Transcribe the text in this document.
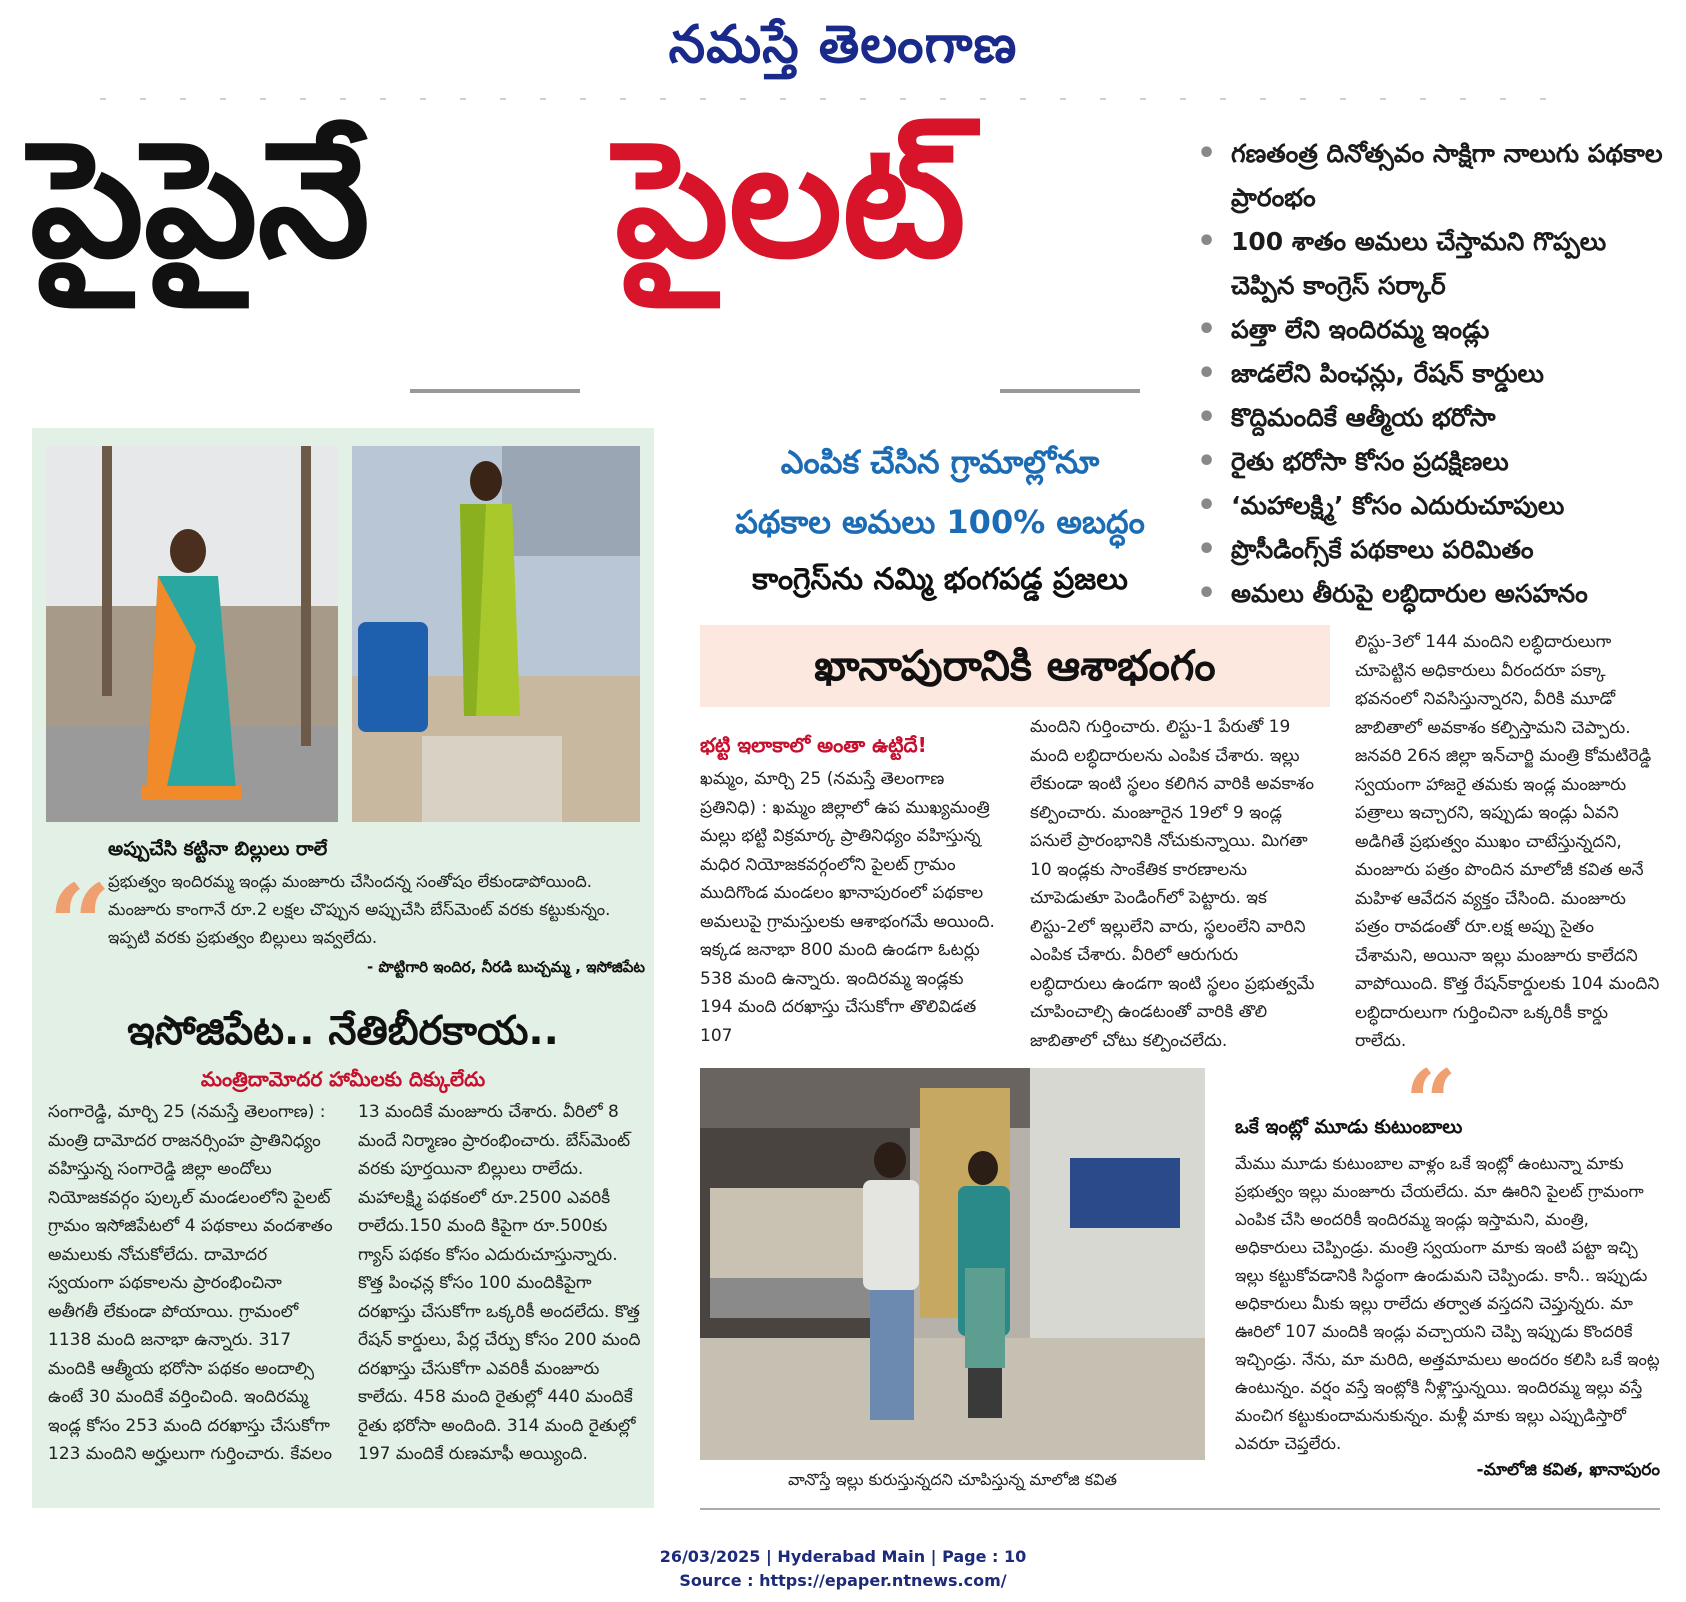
నమస్తే తెలంగాణ
పైపైనే పైలట్
•	గణతంత్ర దినోత్సవం సాక్షిగా నాలుగు పథకాల ప్రారంభం
• 100 శాతం అమలు చేస్తామని గొప్పలు చెప్పిన కాంగ్రెస్ సర్కార్
• పత్తా లేని ఇందిరమ్మ ఇండ్లు
• జాడలేని పింఛన్లు, రేషన్ కార్డులు
• కొద్దిమందికే ఆత్మీయ భరోసా
• రైతు భరోసా కోసం ప్రదక్షిణలు
• ‘మహాలక్ష్మి’ కోసం ఎదురుచూపులు
• ప్రొసీడింగ్స్‌కే పథకాలు పరిమితం
• అమలు తీరుపై లబ్ధిదారుల అసహనం
ఎంపిక చేసిన గ్రామాల్లోనూ
పథకాల అమలు 100% అబద్ధం
కాంగ్రెస్‌ను నమ్మి భంగపడ్డ ప్రజలు
“
అప్పుచేసి కట్టినా బిల్లులు రాలే
ప్రభుత్వం ఇందిరమ్మ ఇండ్లు మంజూరు చేసిందన్న సంతోషం లేకుండాపోయింది. మంజూరు కాంగానే రూ.2 లక్షల చొప్పున అప్పుచేసి బేస్‌మెంట్ వరకు కట్టుకున్నం. ఇప్పటి వరకు ప్రభుత్వం బిల్లులు ఇవ్వలేదు.
- పొట్టిగారి ఇందిర, నీరడి బుచ్చమ్మ , ఇసోజిపేట
ఇసోజిపేట.. నేతిబీరకాయ..
మంత్రిదామోదర హామీలకు దిక్కులేదు
సంగారెడ్డి, మార్చి 25 (నమస్తే తెలంగాణ) : మంత్రి దామోదర రాజనర్సింహ ప్రాతినిధ్యం వహిస్తున్న సంగారెడ్డి జిల్లా అందోలు నియోజకవర్గం పుల్కల్ మండలంలోని పైలట్ గ్రామం ఇసోజిపేటలో 4 పథకాలు వందశాతం అమలుకు నోచుకోలేదు. దామోదర స్వయంగా పథకాలను ప్రారంభించినా అతీగతీ లేకుండా పోయాయి. గ్రామంలో 1138 మంది జనాభా ఉన్నారు. 317 మందికి ఆత్మీయ భరోసా పథకం అందాల్సి ఉంటే 30 మందికే వర్తించింది. ఇందిరమ్మ ఇండ్ల కోసం 253 మంది దరఖాస్తు చేసుకోగా 123 మందిని అర్హులుగా గుర్తించారు. కేవలం
13 మందికే మంజూరు చేశారు. వీరిలో 8 మందే నిర్మాణం ప్రారంభించారు. బేస్‌మెంట్ వరకు పూర్తయినా బిల్లులు రాలేదు. మహాలక్ష్మి పథకంలో రూ.2500 ఎవరికీ రాలేదు.150 మంది కిపైగా రూ.500కు గ్యాస్ పథకం కోసం ఎదురుచూస్తున్నారు. కొత్త పింఛన్ల కోసం 100 మందికిపైగా దరఖాస్తు చేసుకోగా ఒక్కరికీ అందలేదు. కొత్త రేషన్ కార్డులు, పేర్ల చేర్పు కోసం 200 మంది దరఖాస్తు చేసుకోగా ఎవరికీ మంజూరు కాలేదు. 458 మంది రైతుల్లో 440 మందికే రైతు భరోసా అందింది. 314 మంది రైతుల్లో 197 మందికే రుణమాఫీ అయ్యింది.
ఖానాపురానికి ఆశాభంగం
భట్టి ఇలాకాలో అంతా ఉట్టిదే!
ఖమ్మం, మార్చి 25 (నమస్తే తెలంగాణ ప్రతినిధి) : ఖమ్మం జిల్లాలో ఉప ముఖ్యమంత్రి మల్లు భట్టి విక్రమార్క ప్రాతినిధ్యం వహిస్తున్న మధిర నియోజకవర్గంలోని పైలట్ గ్రామం ముదిగొండ మండలం ఖానాపురంలో పథకాల అమలుపై గ్రామస్తులకు ఆశాభంగమే అయింది. ఇక్కడ జనాభా 800 మంది ఉండగా ఓటర్లు 538 మంది ఉన్నారు. ఇందిరమ్మ ఇండ్లకు 194 మంది దరఖాస్తు చేసుకోగా తొలివిడత 107
మందిని గుర్తించారు. లిస్టు-1 పేరుతో 19 మంది లబ్ధిదారులను ఎంపిక చేశారు. ఇల్లు లేకుండా ఇంటి స్థలం కలిగిన వారికి అవకాశం కల్పించారు. మంజూరైన 19లో 9 ఇండ్ల పనులే ప్రారంభానికి నోచుకున్నాయి. మిగతా 10 ఇండ్లకు సాంకేతిక కారణాలను చూపెడుతూ పెండింగ్‌లో పెట్టారు. ఇక లిస్టు-2లో ఇల్లులేని వారు, స్థలంలేని వారిని ఎంపిక చేశారు. వీరిలో ఆరుగురు లబ్ధిదారులు ఉండగా ఇంటి స్థలం ప్రభుత్వమే చూపించాల్సి ఉండటంతో వారికి తొలి జాబితాలో చోటు కల్పించలేదు.
లిస్టు-3లో 144 మందిని లబ్ధిదారులుగా చూపెట్టిన అధికారులు వీరందరూ పక్కా భవనంలో నివసిస్తున్నారని, వీరికి మూడో జాబితాలో అవకాశం కల్పిస్తామని చెప్పారు. జనవరి 26న జిల్లా ఇన్‌చార్జి మంత్రి కోమటిరెడ్డి స్వయంగా హాజరై తమకు ఇండ్ల మంజూరు పత్రాలు ఇచ్చారని, ఇప్పుడు ఇండ్లు ఏవని అడిగితే ప్రభుత్వం ముఖం చాటేస్తున్నదని, మంజూరు పత్రం పొందిన మాలోజీ కవిత అనే మహిళ ఆవేదన వ్యక్తం చేసింది. మంజూరు పత్రం రావడంతో రూ.లక్ష అప్పు సైతం చేశామని, అయినా ఇల్లు మంజూరు కాలేదని వాపోయింది. కొత్త రేషన్‌కార్డులకు 104 మందిని లబ్ధిదారులుగా గుర్తించినా ఒక్కరికీ కార్డు రాలేదు.
వానొస్తే ఇల్లు కురుస్తున్నదని చూపిస్తున్న మాలోజి కవిత
“
ఒకే ఇంట్లో మూడు కుటుంబాలు
మేము మూడు కుటుంబాల వాళ్లం ఒకే ఇంట్లో ఉంటున్నా మాకు ప్రభుత్వం ఇల్లు మంజూరు చేయలేదు. మా ఊరిని పైలట్ గ్రామంగా ఎంపిక చేసి అందరికీ ఇందిరమ్మ ఇండ్లు ఇస్తామని, మంత్రి, అధికారులు చెప్పిండ్రు. మంత్రి స్వయంగా మాకు ఇంటి పట్టా ఇచ్చి ఇల్లు కట్టుకోవడానికి సిద్ధంగా ఉండుమని చెప్పిండు. కానీ.. ఇప్పుడు అధికారులు మీకు ఇల్లు రాలేదు తర్వాత వస్తదని చెప్తున్నరు. మా ఊరిలో 107 మందికి ఇండ్లు వచ్చాయని చెప్పి ఇప్పుడు కొందరికే ఇచ్చిండ్రు. నేను, మా మరిది, అత్తమామలు అందరం కలిసి ఒకే ఇంట్ల ఉంటున్నం. వర్షం వస్తే ఇంట్లోకి నీళ్లొస్తున్నయి. ఇందిరమ్మ ఇల్లు వస్తే మంచిగ కట్టుకుందామనుకున్నం. మళ్లీ మాకు ఇల్లు ఎప్పుడిస్తారో ఎవరూ చెప్తలేరు.
-మాలోజి కవిత, ఖానాపురం
26/03/2025 | Hyderabad Main | Page : 10
Source : https://epaper.ntnews.com/
